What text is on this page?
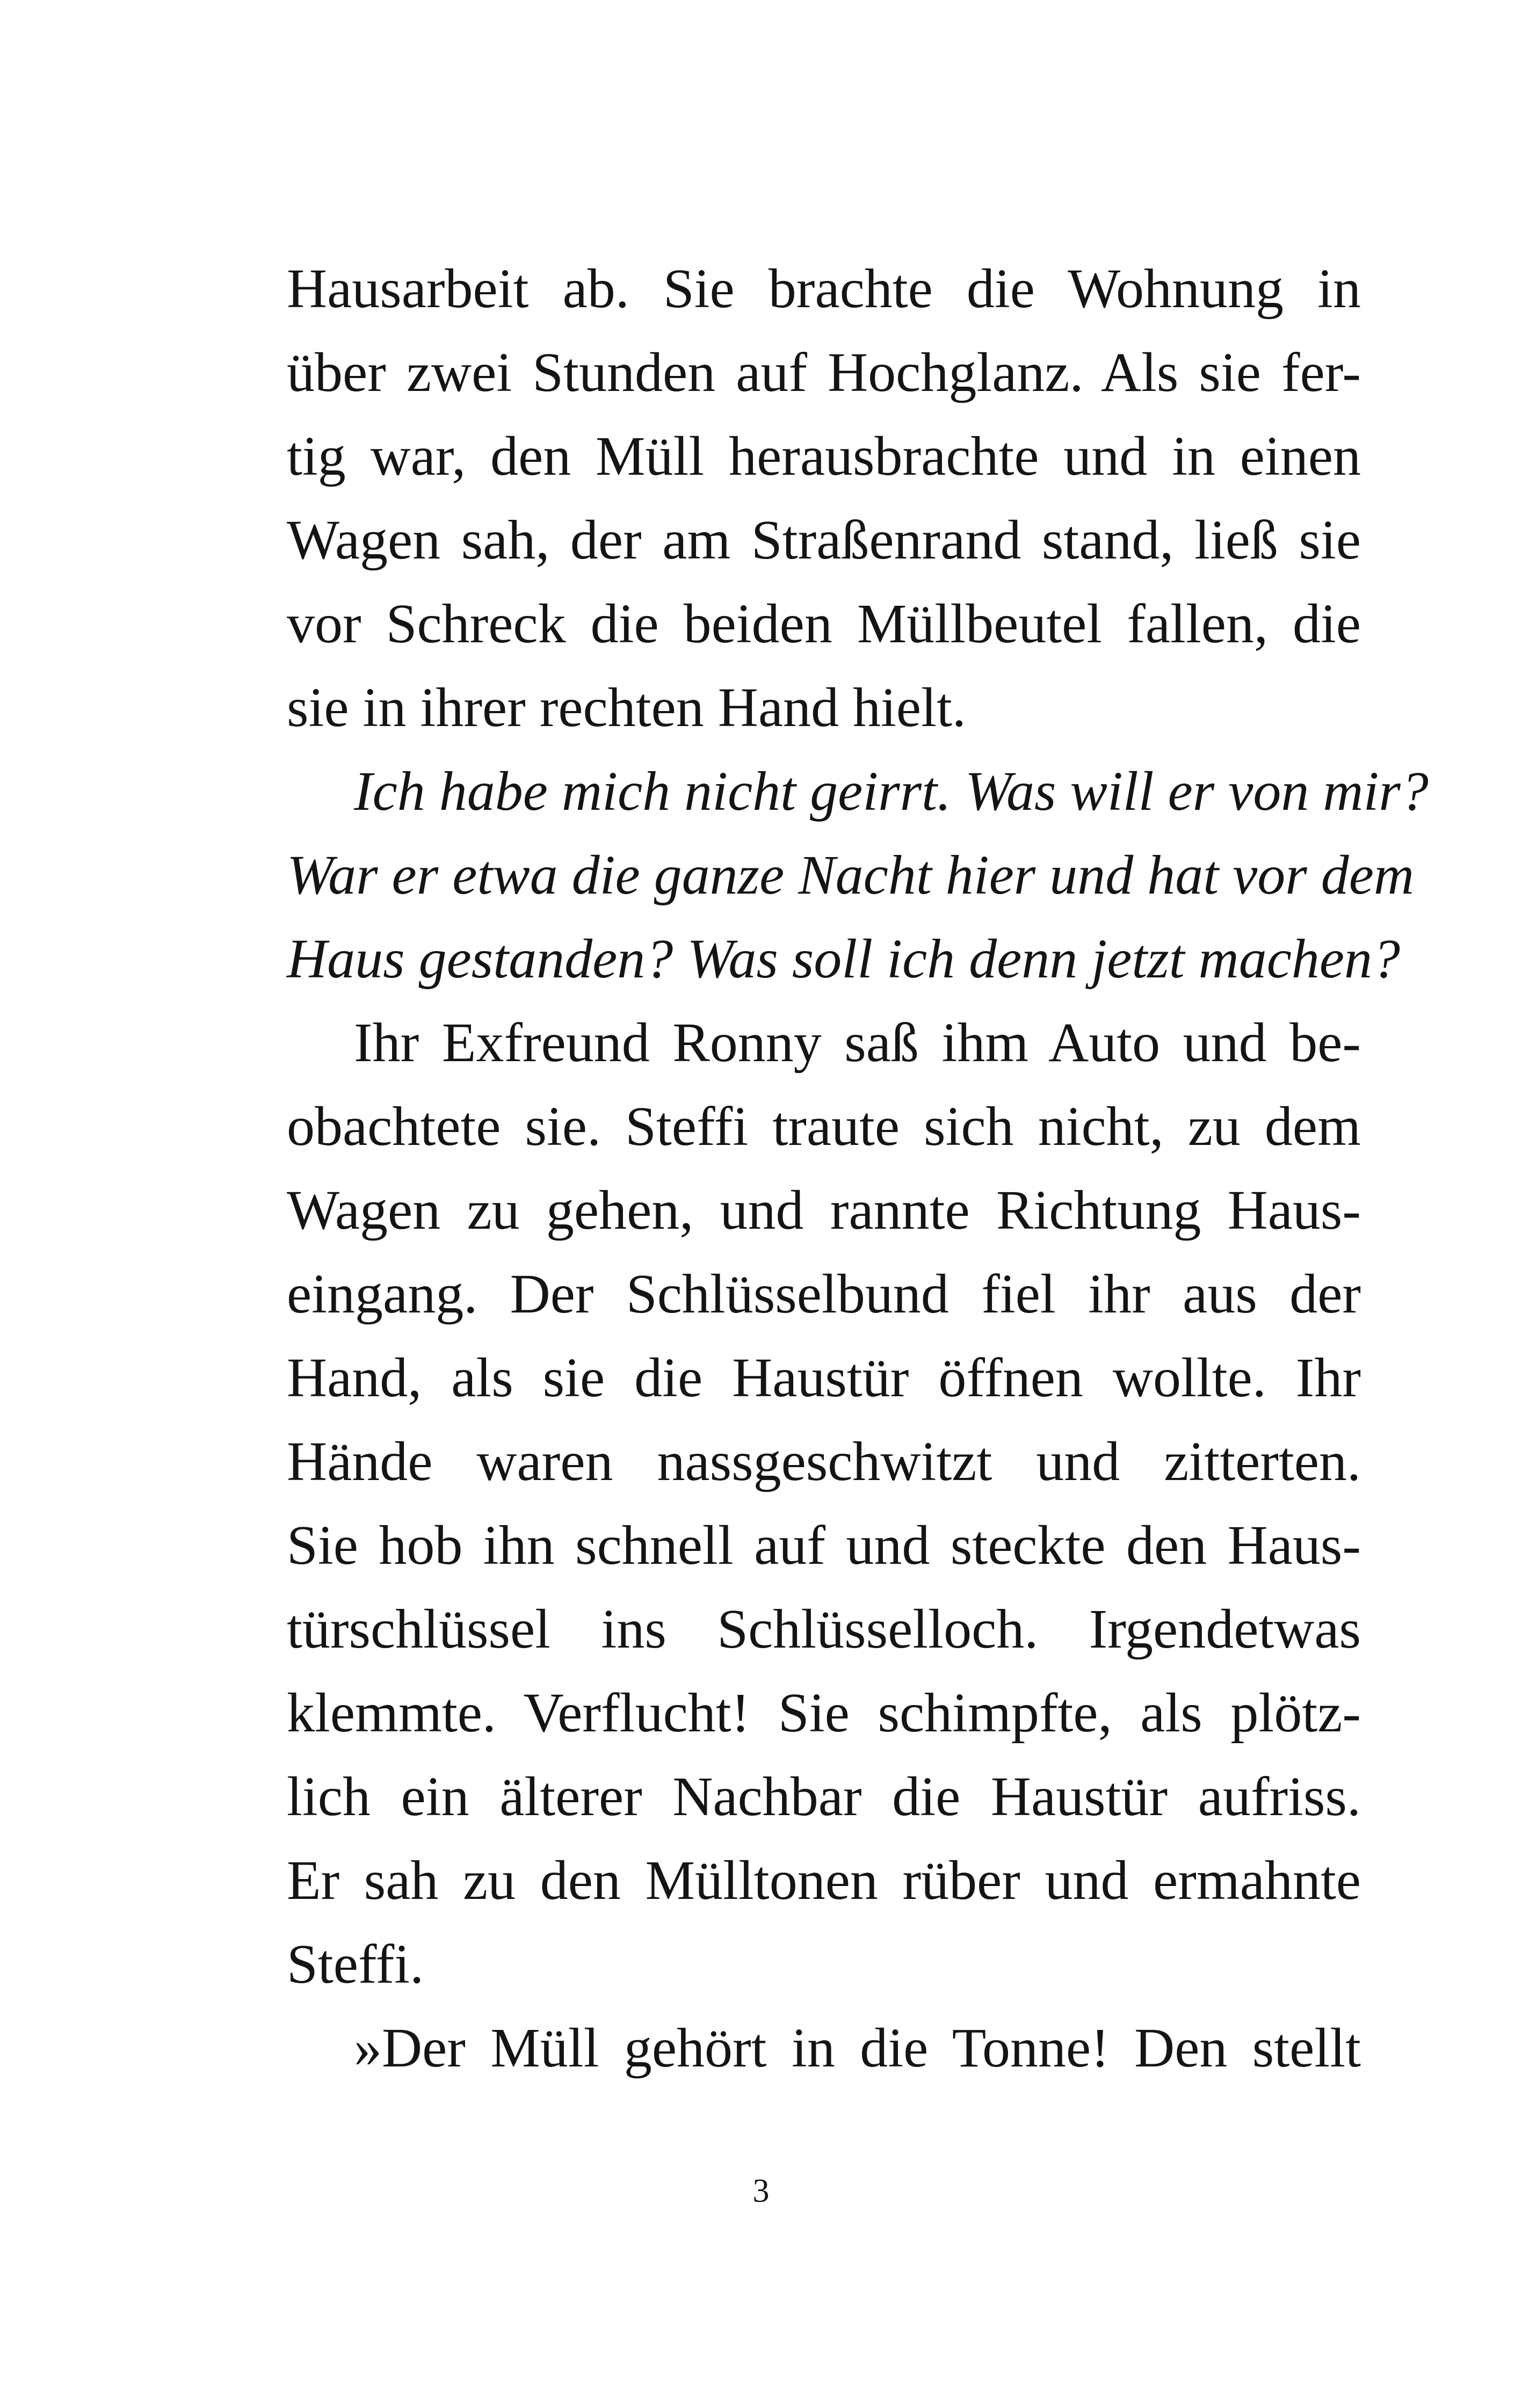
Hausarbeit ab. Sie brachte die Wohnung in
über zwei Stunden auf Hochglanz. Als sie fer-
tig war, den Müll herausbrachte und in einen
Wagen sah, der am Straßenrand stand, ließ sie
vor Schreck die beiden Müllbeutel fallen, die
sie in ihrer rechten Hand hielt.
Ich habe mich nicht geirrt. Was will er von mir?
War er etwa die ganze Nacht hier und hat vor dem
Haus gestanden? Was soll ich denn jetzt machen?
Ihr Exfreund Ronny saß ihm Auto und be-
obachtete sie. Steffi traute sich nicht, zu dem
Wagen zu gehen, und rannte Richtung Haus-
eingang. Der Schlüsselbund fiel ihr aus der
Hand, als sie die Haustür öffnen wollte. Ihr
Hände waren nassgeschwitzt und zitterten.
Sie hob ihn schnell auf und steckte den Haus-
türschlüssel ins Schlüsselloch. Irgendetwas
klemmte. Verflucht! Sie schimpfte, als plötz-
lich ein älterer Nachbar die Haustür aufriss.
Er sah zu den Mülltonen rüber und ermahnte
Steffi.
»Der Müll gehört in die Tonne! Den stellt
3
